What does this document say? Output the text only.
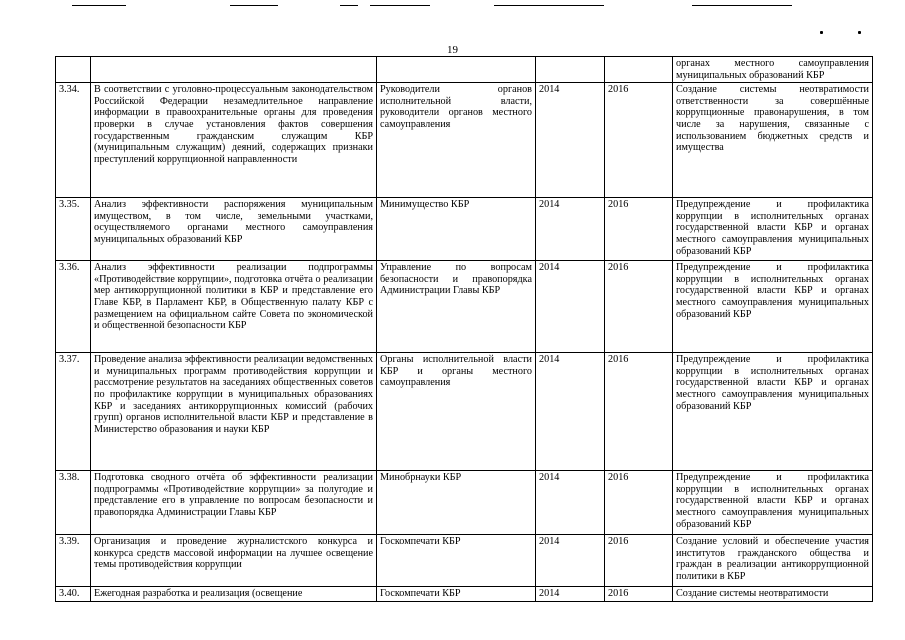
19
					органах местного самоуправления муниципальных образований КБР
3.34.	В соответствии с уголовно-процессуальным законодательством Российской Федерации незамедлительное направление информации в правоохранительные органы для проведения проверки в случае установления фактов совершения государственным гражданским служащим КБР (муниципальным служащим) деяний, содержащих признаки преступлений коррупционной направленности	Руководители органов исполнительной власти, руководители органов местного самоуправления	2014	2016	Создание системы неотвратимости ответственности за совершённые коррупционные правонарушения, в том числе за нарушения, связанные с использованием бюджетных средств и имущества
3.35.	Анализ эффективности распоряжения муниципальным имуществом, в том числе, земельными участками, осуществляемого органами местного самоуправления муниципальных образований КБР	Минимущество КБР	2014	2016	Предупреждение и профилактика коррупции в исполнительных органах государственной власти КБР и органах местного самоуправления муниципальных образований КБР
3.36.	Анализ эффективности реализации подпрограммы «Противодействие коррупции», подготовка отчёта о реализации мер антикоррупционной политики в КБР и представление его Главе КБР, в Парламент КБР, в Общественную палату КБР с размещением на официальном сайте Совета по экономической и общественной безопасности КБР	Управление по вопросам безопасности и правопорядка Администрации Главы КБР	2014	2016	Предупреждение и профилактика коррупции в исполнительных органах государственной власти КБР и органах местного самоуправления муниципальных образований КБР
3.37.	Проведение анализа эффективности реализации ведомственных и муниципальных программ противодействия коррупции и рассмотрение результатов на заседаниях общественных советов по профилактике коррупции в муниципальных образованиях КБР и заседаниях антикоррупционных комиссий (рабочих групп) органов исполнительной власти КБР и представление в Министерство образования и науки КБР	Органы исполнительной власти КБР и органы местного самоуправления	2014	2016	Предупреждение и профилактика коррупции в исполнительных органах государственной власти КБР и органах местного самоуправления муниципальных образований КБР
3.38.	Подготовка сводного отчёта об эффективности реализации подпрограммы «Противодействие коррупции» за полугодие и представление его в управление по вопросам безопасности и правопорядка Администрации Главы КБР	Минобрнауки КБР	2014	2016	Предупреждение и профилактика коррупции в исполнительных органах государственной власти КБР и органах местного самоуправления муниципальных образований КБР
3.39.	Организация и проведение журналистского конкурса и конкурса средств массовой информации на лучшее освещение темы противодействия коррупции	Госкомпечати КБР	2014	2016	Создание условий и обеспечение участия институтов гражданского общества и граждан в реализации антикоррупционной политики в КБР
3.40.	Ежегодная разработка и реализация (освещение	Госкомпечати КБР	2014	2016	Создание системы неотвратимости
